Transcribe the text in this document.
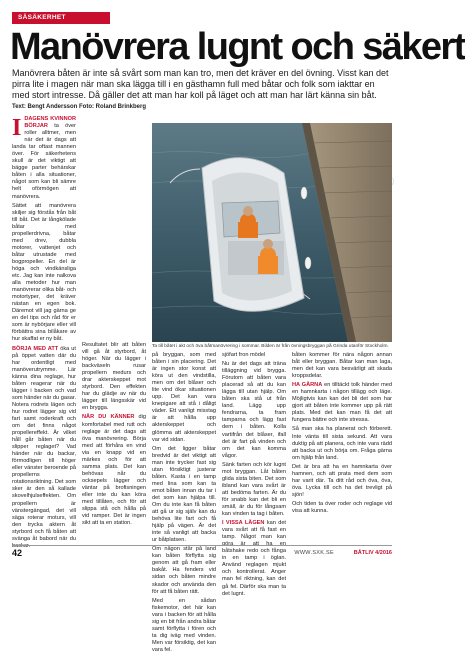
SÄSÄKERHET
Manövrera lugnt och säkert
Manövrera båten är inte så svårt som man kan tro, men det kräver en del övning. Visst kan det pirra lite i magen när man ska lägga till i en gästhamn full med båtar och folk som iakttar en med stort intresse. Då gäller det att man har koll på läget och att man har lärt känna sin båt.
Text: Bengt Andersson Foto: Roland Brinkberg
I DAGENS KVINNOR BÖRJAR ta över roller alltmer, men när det är dags att landa tar oftast mannen över. För säkerhetens skull är det viktigt att bägge parter behärskar båten i alla situationer, något som kan bli sämre helt oförmögen att manövrera.

Sättet att manövrera skiljer sig förstås från båt till båt. Det är långkölade båtar med propellerdrivna, båtar med drev, dubbla motorer, vattenjet och båtar utrustade med bogpropeller. En del är höga och vindkänsliga etc. Jag kan inte nalkova alla metoder hur man manövrerar olika båt- och motortyper, det kräver nästan en egen bok. Däremot vill jag gärna ge en del tips och råd för er som är nybörjare eller vill förbättra sina bilåkare av hur skaffat er ny båt.

BÖRJA MED ATT öka ut på öppet vatten där du har ordentligt med manöverutrymme. Lär känna dina reglage, hur båten reagerar när du lägger i backen och vad som händer när du gasar. Notera rodrets lägen och hur rodret lägger sig vid fart samt roderkraft och om det finns något propellereffekt. Är vilket håll går båten när du slipper reglaget? Vad händer när du backar, förmodligen till höger eller vänster beroende på propellerns rotationsriktning. Det som sker är den så kallade skovelhjulseffekten. Om propellern är vänstergängad, det vill säga roterar moturs, vill den trycka aktern åt styrbord och få båten att svänga åt babord när du backar.

Resultatet blir att båten vill gå åt styrbord, åt höger. När du lägger i backväxeln rusar propellern medurs och drar akterskeppet mot styrbord. Den effekten har du glädje av när du lägger till längsskär vid en brygga.

NÄR DU KÄNNER dig komfortabel med rutt och reglage är det dags att öva manövrering. Börja med att förhåra en vind via en knapp vid en märkes och för att samma plats. Det kan behövas når du ocksepels lägger och väntar på brofisningen eller inte du kan köra med tillåten, och för att slippa stå och hålla på vid ramper. Det är ingen sikt att ta en station.

Ta till båtet i akt och öva båtmanövrering i sommar. Bilden är från övningsbryggan på Grinda utanför Stockholm.

på bryggan, som med båten i sin placering. Det är ingen stor konst att köra ut den vindstilla, men om det blåser och lite vind ökar situationen upp. Det kan vara knepigare att stå i dåligt väder. Ett vanligt misstag är att hålla upp akterskeppet och glömma att akterskeppet var vid sidan.

Om det ligger båtar bredvid är det viktigt att man inte trycker fast sig utan försiktigt justerar båten. Kasta i en tamp med lina som kan ta emot båten innan du tar i det som kan hjälpa till. Om du inte kan få båten att gå ur sig själv kan du behöva lite fart och få hjälp på vägen. Är det inte så vanligt att backa ur båtplatsen.

Om någon står på land kan båten förflytta sig genom att gå fram eller bakåt. Ha fenders vid sidan och båten mindre skador och använda den för att få båten rätt.

Med en sådan fiskemotor, det här kan vara i backen för att hålla sig en bit från andra båtar samt förflytta i fören och ta dig iväg med vinden. Men var försiktig, det kan vara fel.

sjöfart fron mödel

Nu är det dags att träna tilläggning vid brygga. Förutom att båten vara placerad så att du kan lägga till utan hjälp. Om båten ska stå ut från land. Lägg upp fendrarna, ta fram tamparna och lägg fast dem i båten. Kolla vartifrån det blåser, ifall det är fart på vinden och om det kan komma vågor.

Sänk farten och kör lugnt mot bryggan. Låt båten glida sista biten. Det som ibland kan vara svårt är att bedöma farten. Är du för snabb kan det bli en smäll, är du för långsam kan vinden ta tag i båten.

I VISSA LÄGEN kan det vara svårt att få fast en tamp. Något man kan göra är att ha en båtshake redo och fånga in en tamp i öglan. Använd reglagen mjukt och kontrollerat. Anger man fel riktning, kan det gå fel. Därför ska man ta det lugnt.

båten kommer för nära någon annan båt eller bryggan. Båtar kan man laga, men det kan vara besvärligt att skada kroppsdelar.

HA GÄRNA en tilltäckt tolk händer med en hamnkarta i någon tillägg och läge. Möjligtvis kan kan det bli det som har gjort att båten inte kommer upp på rätt plats. Med det kan man få det att fungera bättre och inte stressa.

Så man ska ha planerat och förberett. Inte vänta till sista sekund. Att vara duktig på att planera, och inte vara rädd att backa ut och börja om. Fråga gärna om hjälp från land.

Det är bra att ha en hamnkarta över hamnen, och att prata med dem som har varit där. Ta ditt råd och öva, öva, öva. Lycka till och ha det trevligt på sjön!

Och tiden ta över roder och reglage vid visa att kunna.

42	WWW.SXK.SE	BÅTLIV 4/2016
